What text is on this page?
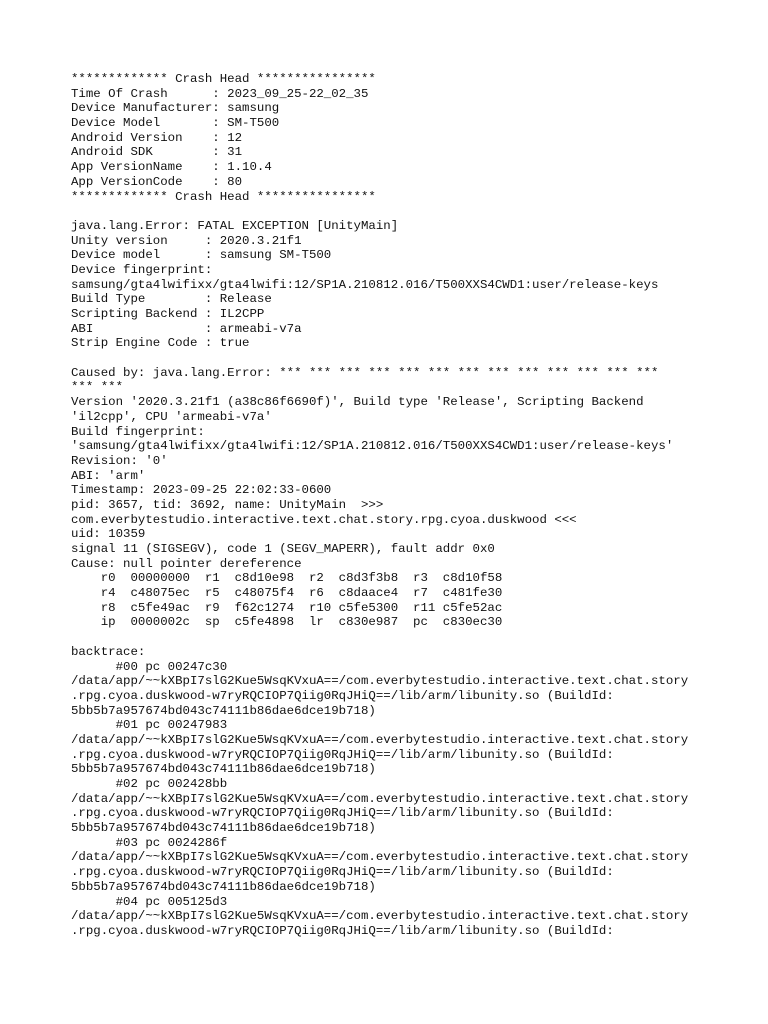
************* Crash Head ****************
Time Of Crash      : 2023_09_25-22_02_35
Device Manufacturer: samsung
Device Model       : SM-T500
Android Version    : 12
Android SDK        : 31
App VersionName    : 1.10.4
App VersionCode    : 80
************* Crash Head ****************
java.lang.Error: FATAL EXCEPTION [UnityMain]
Unity version     : 2020.3.21f1
Device model      : samsung SM-T500
Device fingerprint:
samsung/gta4lwifixx/gta4lwifi:12/SP1A.210812.016/T500XXS4CWD1:user/release-keys
Build Type        : Release
Scripting Backend : IL2CPP
ABI               : armeabi-v7a
Strip Engine Code : true
Caused by: java.lang.Error: *** *** *** *** *** *** *** *** *** *** *** *** ***
*** ***
Version '2020.3.21f1 (a38c86f6690f)', Build type 'Release', Scripting Backend
'il2cpp', CPU 'armeabi-v7a'
Build fingerprint:
'samsung/gta4lwifixx/gta4lwifi:12/SP1A.210812.016/T500XXS4CWD1:user/release-keys'
Revision: '0'
ABI: 'arm'
Timestamp: 2023-09-25 22:02:33-0600
pid: 3657, tid: 3692, name: UnityMain  >>>
com.everbytestudio.interactive.text.chat.story.rpg.cyoa.duskwood <<<
uid: 10359
signal 11 (SIGSEGV), code 1 (SEGV_MAPERR), fault addr 0x0
Cause: null pointer dereference
r0  00000000  r1  c8d10e98  r2  c8d3f3b8  r3  c8d10f58
r4  c48075ec  r5  c48075f4  r6  c8daace4  r7  c481fe30
r8  c5fe49ac  r9  f62c1274  r10 c5fe5300  r11 c5fe52ac
ip  0000002c  sp  c5fe4898  lr  c830e987  pc  c830ec30
backtrace:
#00 pc 00247c30
/data/app/~~kXBpI7slG2Kue5WsqKVxuA==/com.everbytestudio.interactive.text.chat.story
.rpg.cyoa.duskwood-w7ryRQCIOP7Qiig0RqJHiQ==/lib/arm/libunity.so (BuildId:
5bb5b7a957674bd043c74111b86dae6dce19b718)
#01 pc 00247983
/data/app/~~kXBpI7slG2Kue5WsqKVxuA==/com.everbytestudio.interactive.text.chat.story
.rpg.cyoa.duskwood-w7ryRQCIOP7Qiig0RqJHiQ==/lib/arm/libunity.so (BuildId:
5bb5b7a957674bd043c74111b86dae6dce19b718)
#02 pc 002428bb
/data/app/~~kXBpI7slG2Kue5WsqKVxuA==/com.everbytestudio.interactive.text.chat.story
.rpg.cyoa.duskwood-w7ryRQCIOP7Qiig0RqJHiQ==/lib/arm/libunity.so (BuildId:
5bb5b7a957674bd043c74111b86dae6dce19b718)
#03 pc 0024286f
/data/app/~~kXBpI7slG2Kue5WsqKVxuA==/com.everbytestudio.interactive.text.chat.story
.rpg.cyoa.duskwood-w7ryRQCIOP7Qiig0RqJHiQ==/lib/arm/libunity.so (BuildId:
5bb5b7a957674bd043c74111b86dae6dce19b718)
#04 pc 005125d3
/data/app/~~kXBpI7slG2Kue5WsqKVxuA==/com.everbytestudio.interactive.text.chat.story
.rpg.cyoa.duskwood-w7ryRQCIOP7Qiig0RqJHiQ==/lib/arm/libunity.so (BuildId:
